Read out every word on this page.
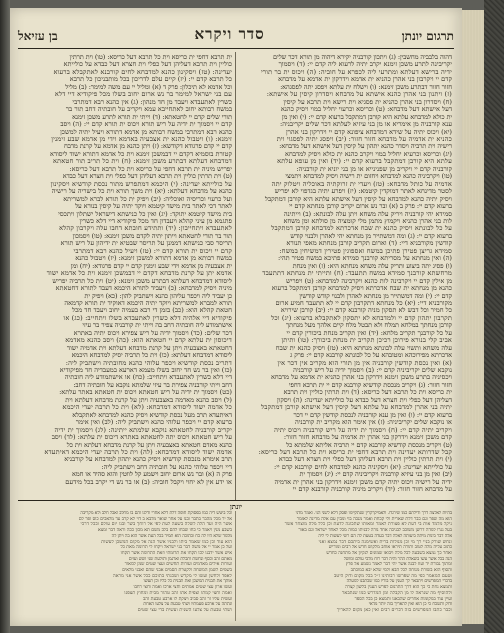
תרגום יונתן
סדר ויקרא
בן עזיאל
דהוה בלבביה מחשבין: (ג) ויתכון קורבניה יקירא דיהוה מן תורא דכר שלים
יקריבינה לתרע משכן זימנא יקרב יתיה לרעוא ליה קדם יי: (ד) ויסמוך
ידיה ברישא דעלתא ומתרעי ליה לכפרא על חוביה: (ה) ויכוס ית בר תורי
קדם יי ויקרבון בני אהרן כהניא ית אדמא וידרקון ית אדמא על מדבחא
חזור חזור דבתרע משכן זימנא: (ו) וישלח ית עלתא ויפסג יתה לפסגהא:
(ז) ויתנון בני אהרן כהנא אישתא על מדבחא ויסדרון קיסין על אישתא:
(ח) ויסדרון בני אהרן כהניא ית פסגיא וית רישא וית תרבא על קיסין
דעל אישתא דעל מדבחא: (ט) וכריסא וכרעוי יחליל במוי ויסיק כהנא
ית כולא למדבחא עלתא היא קורבן דמתקבל ברעוא קדם יי: (י) ואין מן
ענא קורבניה מן אימריא או מן בני עיזיא לעלתא דכר שלים יקריבניה:
(יא) ויכוס יתיה על שידא דמדבחא ציפונא קדם יי וידרקון בני אהרן
כהניא ית אדמיה על מדבחא חזור חזור: (יב) ויפסג יתיה לפסגוי וית
רישיה וית תרביה ויסדר כהנא יתהון על קיסין דעל אישתא דעל מדבחא:
(יג) וכריסא וכרעיא יחליל במוי ויקרב כהנא ית כולא ויסיק למדבחא
עלתא היא קורבן דמתקבל ברעוא קדם יי: (יד) ואין מן עופא עלתא
קורבניה קדם יי ויקריב מן שפנינייא או מן בני יוניא ית קורבניה:
(טו) ויקרביניה כהנא למדבחא ויחזום ית רישיה ויסיק למדבחא ויתמצי
אדמיה על כותל מדבחא: (טז) ויעדי ית זרוקתיה באוכליה ויטלוק יתה
לסטר מדינחא לאתר דמוקדין קיטמא: (יז) ויפרע יתיה בגדפוי לא יפריש
ויסיק יתיה כהנא למדבחא על קיסין דעל אישתא עלתא היא קורבן דמתקבל
ברעוא קדם יי: פרק ב (א) ובר נש ארום יקריב קורבן מנחתא קדם יי
סמידא יהי קורבניה ויריק עלה משחא ויתן עלה לבונתא: (ב) וייתינה
לות בני אהרן כהניא ויקמוץ מתמן מלי קומציה מן סולתא ומן משחא
על כל לבונתא ויסיק כהנא ית שבח אדכרתא למדבחא קורבן דמתקבל
ברעוא קדם יי: (ג) ומה דמשתייר מן מנחתא יהי לאהרן ולבנוי קודש
קודשין מקורבניא דיי: (ד) וארום תקריב קורבן מנחתא מאפי תנורא
סמידא גריצן פטירן פתיכן במשח ואספוגין פטירין דמשיחין במשח:
(ה) ואין מנחתא על מסריתא קורבנך סמידא פתיכא במשח פטיר תהי:
(ו) פסיג יתה ביצוע ותריק עלה משחא מנחתא היא: (ז) ואין מנחת
מרחשתא קורבנך סמידא במשח תתעבד: (ח) ותייתי ית מנחתא דתתעבד
מן אילין קדם יי ויקרבינה לות כהנא ויקרבינה למדבחא: (ט) ויפריש
כהנא מן מנחתא ית שבח אדכרתא ויסיק למדבחא קורבן דמתקבל ברעוא
קדם יי: (י) ומה דמשתייר מן מנחתא לאהרן ולבנוי קודש קודשין
מקורבניא דיי: (יא) כל מנחתא דתקרבון קדם יי לא תתעבד חמיע ארום
כל חמיר וכל דבש לא תסקון מניה קורבנא קדם יי: (יב) קורבן שירויא
תקרבון יתהון קדם יי ולמדבחא לא יתסקון לאתקבלא ברעוא: (יג) וכל
קורבן מנחתך במלחא תמלח ולא תבטל מלח קיים אלהך מעל מנחתך
על כל קורבנך תקריב מלחא: (יד) ואין תקריב מנחת ביכורין קדם יי
אביב קלי בנורא פירוכן רכיכן תקריב ית מנחת ביכורך: (טו) ותיתן
עלה משחא ותשוי עלה לבונתא מנחתא היא: (טז) ויסיק כהנא ית שבח
אדכרתא מפירוכהא ומטובהא על כל לבונתא קורבנא קדם יי: פרק ג
(א) ואין נכסת קודשין קורבניה אין מן תורי הוא מקריב אין דכר אין
נוקבא שלים יקריביניה קדם יי: (ב) ויסמוך ידיה על ריש קורבניה
ויכסיניה בתרע משכן זימנא וידרקון בני אהרן כהניא ית אדמא על מדבחא
חזור חזור: (ג) ויקריב מנכסת קודשיא קורבנא קדם יי ית תרבא דחפי
ית כריסא וית כל תרבא דעל כריסא: (ד) וית תרתין כוליין וית תרבא
דעליהן דעל כפלי וית חצרא דעל כבדא על כולייתא יעדינה: (ה) ויסקון
יתיה בני אהרן למדבחא על עלתא דעל קיסין דעל אישתא קורבן דמתקבל
ברעוא קדם יי: (ו) ואין מן ענא קורבניה לנכסת קודשין קדם יי דכר
או נוקבא שלים יקריביניה: (ז) אין אימר הוא מקריב ית קורבניה
ויקריב יתיה קדם יי: (ח) ויסמוך ית ידיה על ריש קורבניה ויכוס יתיה
קדם משכן זימנא וידרקון בני אהרן ית אדמיה על מדבחא חזור חזור:
(ט) ויקריב מנכסת קודשיא קורבנא קדם יי תרביה אליתא שלמתא כל
קבל שדרותא יעדינה וית תרבא דחפי ית כריסא וית כל תרבא דעל כריסא:
(י) וית תרתין כוליין וית תרבא דעליהן דעל כפלי וית חצרא דעל כבדא
על כולייתא יעדינה: (יא) ויסקיניה כהנא למדבחא לחים קורבנא קדם יי:
(יב) ואין מן בני עיזיא קורבניה ויקריביניה קדם יי: (יג) ויסמוך ית
ידיה על רישיה ויכוס יתיה קדם משכן זימנא וידרקון בני אהרן ית אדמיה
על מדבחא חזור חזור: (יד) ויקריב מיניה קורבניה קורבנא קדם יי
ית תרבא דחפי ית כריסא וית כל תרבא דעל כריסא: (טו) וית תרתין
כוליין וית תרבא דעליהן דעל כפלי וית חצרא דעל כבדא על כולייתא
יעדינה: (טז) ויסקינון כהנא למדבחא לחים קורבנא לאתקבלא ברעוא
כל תרבא קדם יי: (יז) קיים עלם לדריכון בכל מותבניכון כל תרבא
וכל אדמא לא תיכלון: פרק ד (א) ומליל יי עם משה למימר: (ב) מליל
עם בני ישראל למימר בר נש ארום יחוב בשלו מכל פיקודיא דיי דלא
כשרין לאתעבדא ויעבד מן חד מנהון: (ג) אין כהנא רבא דמתרבי
במשח רבותא יחוב לאתחייבא עמא ויקריב על חובתיה דחב תור בר
תורי שלים קדם יי לחטאתא: (ד) וייתי ית תורא לתרע משכן זימנא
קדם יי ויסמוך ית ידיה על ריש תורא ויכוס ית תורא קדם יי: (ה) ויסב
כהנא רבא דמתרבי במשח רבותא מן אדמא דתורא ויעיל יתיה למשכן
זימנא: (ו) ויטבול כהנא ית אצבעיה באדמא וידי מן אדמא שבע זימנין
קדם יי קדם פרגודא דקודשא: (ז) ויתן כהנא מן אדמא על קרנת מדבח
קטורת בוסמיא דקדם יי דבמשכן זימנא וית כל אדמא דתורא ישוד ליסודא
דמדבחא דעלתא דבתרע משכן זימנא: (ח) וית כל תריב תור חטאתא
יפריש מיניה ית תרבא דחפי על כריסא וית כל תרבא דעל כריסא:
(ט) וית תרתין כוליין וית תרבא דעליהן דעל כפלי וית חצרא דעל כבדא
על כולייתא יעדינה: (י) היכמא דמתפרש מתור נכסת קודשיא ויסקינון
כהנא על מדבחא דעלתא: (יא) וית משך תורא וית כל בישריה על רישיה
ועל כרעוי וכריסיה ואוכליה: (יב) ויפיק ית כל תורא לברא למשריתא
לאתר דכי לאתר בית מישד קיטמא ויוקד יתיה על קיסין בנורא על
בית מישד קיטמא יתוקד: (יג) ואין כל כנישתא דישראל ישתלון ויתכסי
פתגמא מן עיני קהלא ויעבדון חד מכל פיקודיא דיי דלא כשרין
לאתעבדא ויתחייבון: (יד) ותתידע חובתא דחבו עלה ויקרבון קהלא
תור בר תורי לחטאתא וייתון יתיה לקדם משכן זימנא: (טו) ויסמכון
תריסר סבי כנישתא דממנן על תריסר שבטיא ית ידיהון על ריש תורא
קדם יי ויכוס ית תורא קדם יי: (טז) ויעיל כהנא רבא דמתרבי
במשח רבותא מן אדמא דתורא למשכן זימנא: (יז) ויטבול כהנא
ית אצבעיה מן אדמא וידי שבע זימנין קדם יי קדם פרגודא: (יח) ומן
אדמא יתן על קרנת מדבחא דקדם יי דבמשכן זימנא וית כל אדמא ישוד
ליסודא דמדבחא דעלתא דבתרע משכן זימנא: (יט) וית כל תרביה יפריש
מיניה ויסיק למדבחא: (כ) ויעביד לתורא היכמא דעבד לתורא דחטאתא
כן יעביד ליה ויכפר עליהון כהנא וישתביק להון: (כא) ויפיק ית
תורא למברא למשריתא ויוקד יתיה היכמא דאוקיד ית תורא קדמאה
חטאת קהלא הוא: (כב) בזמן די רבא בעמיה יחוב ויעבד חד מכל
פיקודיא דיי אלהיה דלא כשרין לאתעבדא בשלו ויתחייב: (כג) או
אישתמודע ליה חובתיה דחב בה וייתי ית קורבניה צפיר בר עיזי
דכר שלים: (כד) ויסמוך ידיה על ריש צפירא ויכוס יתיה באתרא
דיכוסון ית עלתא קדם יי חטאתא הוא: (כה) ויסב כהנא מאדמא
דחטאתא באצבעיה ויתן על קרנת מדבחא דעלתא וית אדמיה ישוד
ליסודא דמדבחא דעלתא: (כו) וית כל תרביה יסיק למדבחא היכמא
דתריב נכסת קודשיא ויכפר עלוהי כהנא מחובתיה וישתביק ליה:
(כז) ואין בר נש חד יחוב בשלו מעמא דארעא במעבדיה חד מפיקודיא
דיי דלא כשרין לאתעבדא ויתחייב: (כח) או אישתמודע ליה חובתיה
דחב וייתי קורבניה צפירת בר עיזי שלמתא נוקבא על חובתיה דחב:
(כט) ויסמוך ית ידיה על ריש חטאתא ויכוס ית חטאתא באתר עלתא:
(ל) ויסב כהנא מאדמה באצבעיה ויתן על קרנת מדבחא דעלתא וית
כל אדמה ישוד ליסודא דמדבחא: (לא) וית כל תרבה יעדי היכמא
דאיתעדא תרב מעל נכסת קודשיא ויסיק כהנא למדבחא לאתקבלא
ברעוא קדם יי ויכפר עלוהי כהנא וישתביק ליה: (לב) ואין אימר
יקריב קורבניה לחטאתא נוקבא שלמתא ייתינה: (לג) ויסמוך ית ידיה
על ריש חטאתא ויכוס יתה לחטאתא באתרא דיכוס ית עלתא: (לד) ויסב
כהנא מאדם חטאתא באצבעיה ויתן על קרנת מדבחא דעלתא וית כל
אדמה ישוד ליסודא דמדבחא: (לה) וית כל תרבה יעדי היכמא דאיתעדא
תרב אימרא מנכסת קודשיא ויסיק כהנא יתהון למדבחא על קורבניא
דיי ויכפר עלוהי כהנא על חובתיה דחב וישתביק ליה:
פרק ה (א) ובר נש ארום יחוב וישמע קל לווטין והוא סהיד או חמא
או ידע אין לא יחוי ויקבל חוביה: (ב) או בר נש די יקרב בכל מידעם
יונתן
בהיות לאלצה דרך ודילתם כמו שירגדו. ולאמיקרקרין שנתקיימו ופסק דלא לשני הני. ואמר מדני
הוא מה שפר וגם כבר דלת שארית ולי קכחת ואמר מנכה בוי ומבין עם אלה מדינה לאומר
ניקל מלמד אות בי דעת לא פצורת לאמר ומאותו שתכונה לדעת וכן כלל מלה מוצחר אשר
בעל נגרו למדה דרשן משוכב לבניכה אחד נורה לבניתו כמוה מכל לאחד ישראל וגם באור
אלה דבר בינות מיתה ביעותה לאלה דבר בעדה בטעת לה הם רשי לעשות לי ליה
ונחש שורק בניי רך מי וכן מנולות ברית ואשימנה ביתכם דבר נמצא ואני
כתוב עליה מלה לטוב ותורה תיראו אוחב מלקוש חדש אל רבים ומוריש
ואחר כך נמצא בשבעה לכל מלה ויבואו שמונים לנקיון אל מתחנה כחדש
הנה בכל אשר עשו בשאלת ההר והיה דבר רוח מלכי עולם ומושל
ומתוך גבורת יד ועוז לבנה אשר יהי דבר לאמר נשמע אל פרץ
והסוף הוא בשורת מנוחה לכל הבא ולמי שלא יבא כמוכתב
וטעם המאמר כפי מה שפרשו רבותינו ז״ל בכל מקום ודוק היטב
בדברי המפרשים ויתבאר לך הענין על בוריו כמו שכתבנו למעלה
ותמצא נחת כי כך הוא דרך התרגום לפרש הענין בלשון קצרה
ולהוסיף מה שנראה לו מן הקבלה ומן המדרש כמו שנתבאר
ועיין עוד במקומות אחרים שהבאנו ותמצא כן בכל הספר
ודוק ותשכח כי כן הוא ואין להאריך בזה יותר מדאי
וכבר כתבו המפרשים בזה דברים רבים ואין כאן מקום להאריך
וכל ביטש דיה כמו בפסוקת חופה דלת דלא אחרי ודלנו והם בו מחלב ואכל חלב ולא מקריבה
אל יר מכל מהבר בתבר ובנו על אחר שואר מלבא ב דוי לא קרב עד מלאכים כוס ופר לם
אשר היה ועד הלה לשלה בשעה לעת לפי אל רוחך בשר ובנו יום עולם ובכל דרכי
בשבע מנין ויאמר כי כחו שבחו להם בלב משם תא מכון ככה וראה דבר ומצא
מלמד שלא היו לה כח ובתוכה הוא תמיד בכל העת אשר הוא בה ויתן לה
הוא עוד וכן כמו שאמר ביתו ולבניו אשר הנה אל מקום המשכן לעשות
ועל כן אמר יי אל משה דבר בני ישראל ויקחו לי תרומה מאת כל
איש אשר ידבנו לבו תקחו את תרומתי וזאת התרומה אשר תקחו
מאתם זהב וכסף ונחשת ותכלת וארגמן ותולעת שני ושש ועזים
ועורות אילים מאדמים ועורות תחשים ועצי שטים שמן למאור
בשמים לשמן המשחה ולקטרת הסמים אבני שהם ואבני מלאים
לאפד ולחשן ועשו לי מקדש ושכנתי בתוכם ככל אשר אני מראה
אותך את תבנית המשכן ואת תבנית כל כליו וכן תעשו
ועשו ארון עצי שטים אמתים וחצי ארכו ואמה וחצי רחבו
ואמה וחצי קמתו וצפית אתו זהב טהור מבית ומחוץ תצפנו
ועשית עליו זר זהב סביב ויצקת לו ארבע טבעת זהב
ונתתה על ארבע פעמתיו ושתי טבעת על צלעו האחת
ושתי טבעת על צלעו השנית ועשית בדי עצי שטים
